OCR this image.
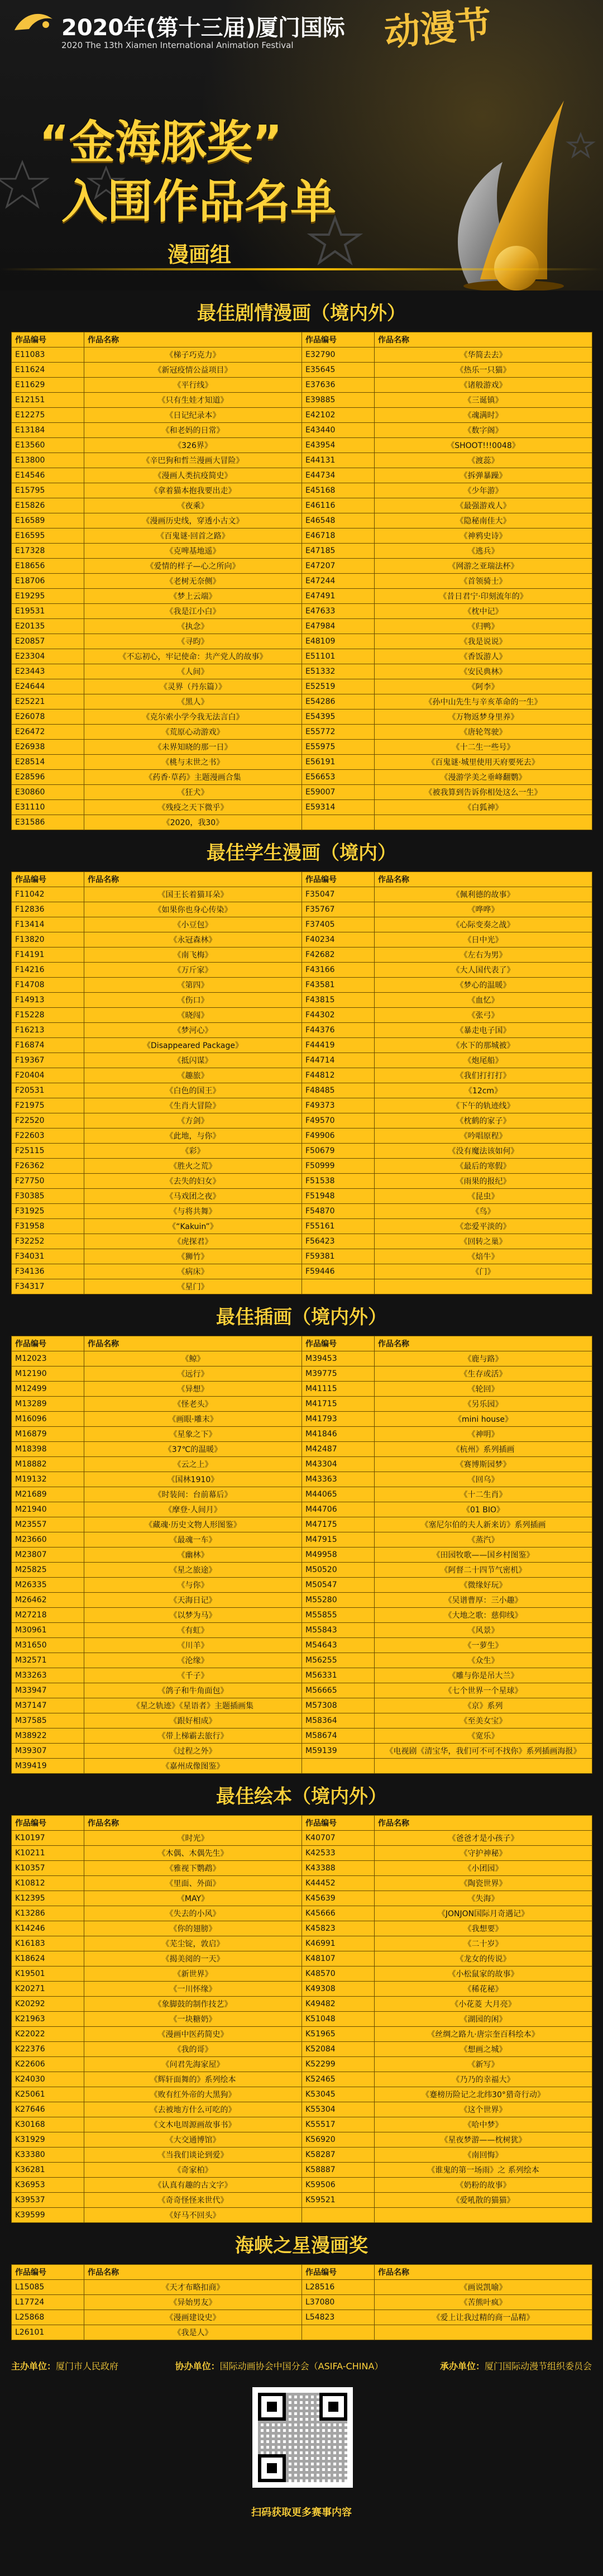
2020年(第十三届)厦门国际
2020 The 13th Xiamen International Animation Festival	动漫节
“金海豚奖”
入围作品名单
漫画组
最佳剧情漫画（境内外）
作品编号	作品名称	作品编号	作品名称
E11083	《梯子巧克力》	E32790	《华简去去》
E11624	《新冠疫情公益项目》	E35645	《热乐一只猫》
E11629	《平行线》	E37636	《诸般游戏》
E12151	《只有生娃才知道》	E39885	《三诞镇》
E12275	《日记纪录本》	E42102	《魂满时》
E13184	《和老妈的日常》	E43440	《数字阁》
E13560	《326界》	E43954	《SHOOT!!!0048》
E13800	《辛巴狗和哲兰漫画大冒险》	E44131	《渡蕊》
E14546	《漫画人类抗疫简史》	E44734	《拆弹暴躁》
E15795	《拿着猫本抱我要出走》	E45168	《少年游》
E15826	《夜乘》	E46116	《最强游戏人》
E16589	《漫画历史线，穿透小古文》	E46548	《隐秘南佳大》
E16595	《百鬼谜·回首之路》	E46718	《神鸦史诗》
E17328	《克啤基地遥》	E47185	《逃兵》
E18656	《爱情的样子—心之所向》	E47207	《网游之亚瑞法杯》
E18706	《老树无奈侧》	E47244	《首领骑士》
E19295	《梦上云端》	E47491	《昔日君宁·印刻流年的》
E19531	《我是江小白》	E47633	《枕中记》
E20135	《执念》	E47984	《归鸭》
E20857	《寻昀》	E48109	《我是说说》
E23304	《不忘初心，牢记使命：共产党人的故事》	E51101	《香饭游人》
E23443	《人间》	E51332	《安民典林》
E24644	《灵界（丹东篇）》	E52519	《阿李》
E25221	《黑人》	E54286	《孙中山先生与辛亥革命的一生》
E26078	《克尔索小学今我无法言白》	E54395	《万物返梦身里养》
E26472	《荒原心动游戏》	E55772	《唐轮驾驶》
E26938	《未界知晓的那一日》	E55975	《十二生一些号》
E28514	《桃与末世之书》	E56191	《百鬼谜·城里使用天府要死去》
E28596	《药香·草药》主题漫画合集	E56653	《漫游学美之垂峰翻鹦》
E30860	《狂犬》	E59007	《被我算到告诉你相处这么一生》
E31110	《残疫之天下微乎》	E59314	《白狐神》
E31586	《2020，我30》		
最佳学生漫画（境内）
作品编号	作品名称	作品编号	作品名称
F11042	《国王长着猫耳朵》	F35047	《佩利德的故事》
F12836	《如果你也身心传染》	F35767	《哗哗》
F13414	《小豆包》	F37405	《心际变奏之战》
F13820	《永冠森林》	F40234	《日中光》
F14191	《南飞梅》	F42682	《左右为男》
F14216	《万斤家》	F43166	《大人国代表了》
F14708	《第四》	F43581	《梦心的温暖》
F14913	《伤口》	F43815	《血忆》
F15228	《晓闯》	F44302	《张弓》
F16213	《梦河心》	F44376	《暴走电子国》
F16874	《Disappeared Package》	F44419	《水下的那城被》
F19367	《抵闪谋》	F44714	《炮尾船》
F20404	《趣旅》	F44812	《我们打打打》
F20531	《白色的国王》	F48485	《12cm》
F21975	《生肖大冒险》	F49373	《下午的轨迹线》
F22520	《方剑》	F49570	《枕鹤的家子》
F22603	《此地，与你》	F49906	《吟唱原程》
F25115	《彩》	F50679	《没有魔法该如何》
F26362	《胜火之荒》	F50999	《最后的寒假》
F27750	《去失的妇女》	F51538	《雨果的报纪》
F30385	《马戏团之夜》	F51948	《昆虫》
F31925	《与将共舞》	F54870	《鸟》
F31958	《“Kakuin”》	F55161	《恋爱平淡的》
F32252	《虎探君》	F56423	《回转之巢》
F34031	《狮竹》	F59381	《焙牛》
F34136	《病床》	F59446	《门》
F34317	《星门》		
最佳插画（境内外）
作品编号	作品名称	作品编号	作品名称
M12023	《鲸》	M39453	《鹿与路》
M12190	《远行》	M39775	《生存或活》
M12499	《异想》	M41115	《轮回》
M13289	《怪老头》	M41715	《另乐园》
M16096	《画眼·雕末》	M41793	《mini house》
M16879	《星象之下》	M41846	《神明》
M18398	《37℃的温暖》	M42487	《杭州》系列插画
M18882	《云之上》	M43304	《赛博斯园梦》
M19132	《国林1910》	M43363	《回乌》
M21689	《时装间：台前幕后》	M44065	《十二生肖》
M21940	《摩登·人间月》	M44706	《01 BIO》
M23557	《藏魂·历史文物人形图鉴》	M47175	《塞尼尔伯的夫人新来访》系列插画
M23660	《最魂一车》	M47915	《蒸汽》
M23807	《幽林》	M49958	《田园牧歌——国乡村图鉴》
M25825	《星之旅途》	M50520	《阿督二十四节气密机》
M26335	《与你》	M50547	《微缘好玩》
M26462	《天海日记》	M55280	《吴谱曹厚：三小趣》
M27218	《以梦为马》	M55855	《大地之歌：慈仰线》
M30961	《有虹》	M55843	《风景》
M31650	《川羊》	M54643	《一萝生》
M32571	《沦缘》	M56255	《众生》
M33263	《千子》	M56331	《雕与你是吊大兰》
M33947	《鸽子和牛角面包》	M56665	《七个世界一个星球》
M37147	《星之轨迹》《星语者》主题插画集	M57308	《京》系列
M37585	《跟好相成》	M58364	《至美女宝》
M38922	《带上梯霸去旅行》	M58674	《宽乐》
M39307	《过程之外》	M59139	《电视剧《清宝华，我们可不可不找你》系列插画海报》
M39419	《嘉州成像图鉴》		
最佳绘本（境内外）
作品编号	作品名称	作品编号	作品名称
K10197	《时光》	K40707	《爸爸才是小孩子》
K10211	《木偶、木偶先生》	K42533	《守护神秘》
K10357	《雅视下鹦鹉》	K43388	《小团园》
K10812	《里面、外面》	K44452	《陶瓷世界》
K12395	《MAY》	K45639	《失海》
K13286	《失去的小风》	K45666	《JONJON国际月奇遇记》
K14246	《你的翅膀》	K45823	《我想要》
K16183	《芜尘锭，敦启》	K46991	《二十岁》
K18624	《揭美阅的一天》	K48107	《龙女的传说》
K19501	《新世界》	K48570	《小松鼠家的故事》
K20271	《一川怀缘》	K49308	《稀花秘》
K20292	《象脚鼓的制作技艺》	K49482	《小花菱 大月亮》
K21963	《一块糖奶》	K51048	《湖园的闲》
K22022	《漫画中医药简史》	K51965	《丝绸之路九·唐宗奎百科绘本》
K22376	《我的哥》	K52084	《想画之城》
K22606	《问君先海家屋》	K52299	《新写》
K24030	《辉轩面舞的》系列绘本	K52465	《乃乃的幸福大》
K25061	《败有红外帝的大黑狗》	K53045	《蹇榜历险记之北纬30°猎奇行动》
K27646	《去被地方什么可吃的》	K55304	《这个世界》
K30168	《文木电周源画故事书》	K55517	《哈中梦》
K31929	《大交通博馆》	K56920	《星夜梦游——枕树犹》
K33380	《当我们谈论到爱》	K58287	《南回悔》
K36281	《奇家柏》	K58887	《谁鬼的第一场雨》之 系列绘本
K36953	《认真有趣的古文字》	K59506	《奶粉的故事》
K39537	《奇奇怪怪来世代》	K59521	《爱吼散的猫猫》
K39599	《好马不回头》		
海峡之星漫画奖
作品编号	作品名称	作品编号	作品名称
L15085	《天才布略扣商》	L28516	《画说凯喻》
L17724	《异始男友》	L37080	《苦熊叶疯》
L25868	《漫画建设史》	L54823	《爱上让我过精的商一品精》
L26101	《我是人》		
主办单位：厦门市人民政府	协办单位：国际动画协会中国分会（ASIFA-CHINA）	承办单位：厦门国际动漫节组织委员会
扫码获取更多赛事内容
